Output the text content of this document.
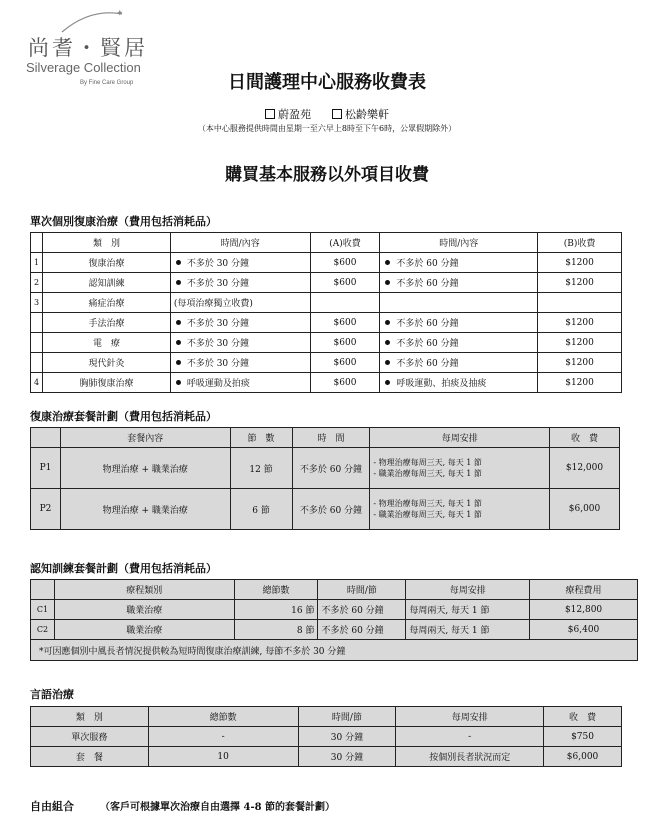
✦
尚耆・賢居
Silverage Collection
By Fine Care Group	日間護理中心服務收費表
蔚盈苑	松齡樂軒
（本中心服務提供時間由星期一至六早上8時至下午6時，公眾假期除外）
購買基本服務以外項目收費
單次個別復康治療（費用包括消耗品）
	類　別	時間/內容	(A)收費	時間/內容	(B)收費
1	復康治療	不多於 30 分鐘	$600	不多於 60 分鐘	$1200
2	認知訓練	不多於 30 分鐘	$600	不多於 60 分鐘	$1200
3	痛症治療	(每項治療獨立收費)			
	手法治療	不多於 30 分鐘	$600	不多於 60 分鐘	$1200
	電　療	不多於 30 分鐘	$600	不多於 60 分鐘	$1200
	現代針灸	不多於 30 分鐘	$600	不多於 60 分鐘	$1200
4	胸肺復康治療	呼吸運動及拍痰	$600	呼吸運動、拍痰及抽痰	$1200
復康治療套餐計劃（費用包括消耗品）
	套餐內容	節　數	時　間	每周安排	收　費
P1	物理治療 + 職業治療	12 節	不多於 60 分鐘	- 物理治療每周三天, 每天 1 節
- 職業治療每周三天, 每天 1 節	$12,000
P2	物理治療 + 職業治療	6 節	不多於 60 分鐘	- 物理治療每周三天, 每天 1 節
- 職業治療每周三天, 每天 1 節	$6,000
認知訓練套餐計劃（費用包括消耗品）
	療程類別	總節數	時間/節	每周安排	療程費用
C1	職業治療	16 節	不多於 60 分鐘	每周兩天, 每天 1 節	$12,800
C2	職業治療	8 節	不多於 60 分鐘	每周兩天, 每天 1 節	$6,400
*可因應個別中風長者情況提供較為短時間復康治療訓練, 每節不多於 30 分鐘					
言語治療
類　別	總節數	時間/節	每周安排	收　費
單次服務	-	30 分鐘	-	$750
套　餐	10	30 分鐘	按個別長者狀況而定	$6,000
自由組合	（客戶可根據單次治療自由選擇 4-8 節的套餐計劃）
